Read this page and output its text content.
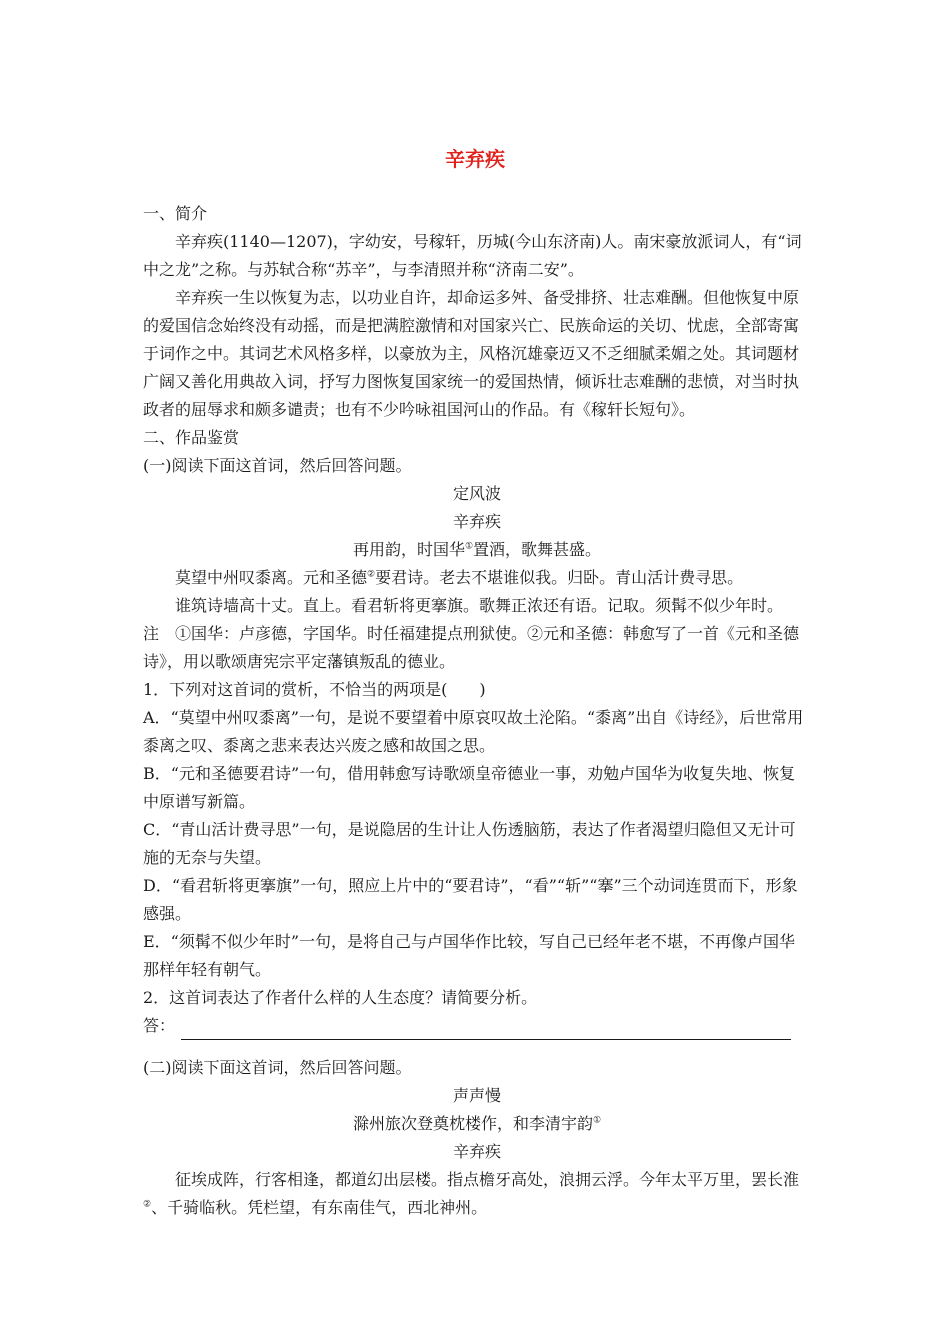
辛弃疾

一、简介

辛弃疾(1140—1207)，字幼安，号稼轩，历城(今山东济南)人。南宋豪放派词人，有“词中之龙”之称。与苏轼合称“苏辛”，与李清照并称“济南二安”。

辛弃疾一生以恢复为志，以功业自许，却命运多舛、备受排挤、壮志难酬。但他恢复中原的爱国信念始终没有动摇，而是把满腔激情和对国家兴亡、民族命运的关切、忧虑，全部寄寓于词作之中。其词艺术风格多样，以豪放为主，风格沉雄豪迈又不乏细腻柔媚之处。其词题材广阔又善化用典故入词，抒写力图恢复国家统一的爱国热情，倾诉壮志难酬的悲愤，对当时执政者的屈辱求和颇多谴责；也有不少吟咏祖国河山的作品。有《稼轩长短句》。

二、作品鉴赏

(一)阅读下面这首词，然后回答问题。

定风波

辛弃疾

再用韵，时国华①置酒，歌舞甚盛。

莫望中州叹黍离。元和圣德②要君诗。老去不堪谁似我。归卧。青山活计费寻思。

谁筑诗墙高十丈。直上。看君斩将更搴旗。歌舞正浓还有语。记取。须髯不似少年时。

注　①国华：卢彦德，字国华。时任福建提点刑狱使。②元和圣德：韩愈写了一首《元和圣德诗》，用以歌颂唐宪宗平定藩镇叛乱的德业。

1．下列对这首词的赏析，不恰当的两项是(　　)

A．“莫望中州叹黍离”一句，是说不要望着中原哀叹故土沦陷。“黍离”出自《诗经》，后世常用黍离之叹、黍离之悲来表达兴废之感和故国之思。

B．“元和圣德要君诗”一句，借用韩愈写诗歌颂皇帝德业一事，劝勉卢国华为收复失地、恢复中原谱写新篇。

C．“青山活计费寻思”一句，是说隐居的生计让人伤透脑筋，表达了作者渴望归隐但又无计可施的无奈与失望。

D．“看君斩将更搴旗”一句，照应上片中的“要君诗”，“看”“斩”“搴”三个动词连贯而下，形象感强。

E．“须髯不似少年时”一句，是将自己与卢国华作比较，写自己已经年老不堪，不再像卢国华那样年轻有朝气。

2．这首词表达了作者什么样的人生态度？请简要分析。

答：

(二)阅读下面这首词，然后回答问题。

声声慢

滁州旅次登奠枕楼作，和李清宇韵①

辛弃疾

征埃成阵，行客相逢，都道幻出层楼。指点檐牙高处，浪拥云浮。今年太平万里，罢长淮②、千骑临秋。凭栏望，有东南佳气，西北神州。
